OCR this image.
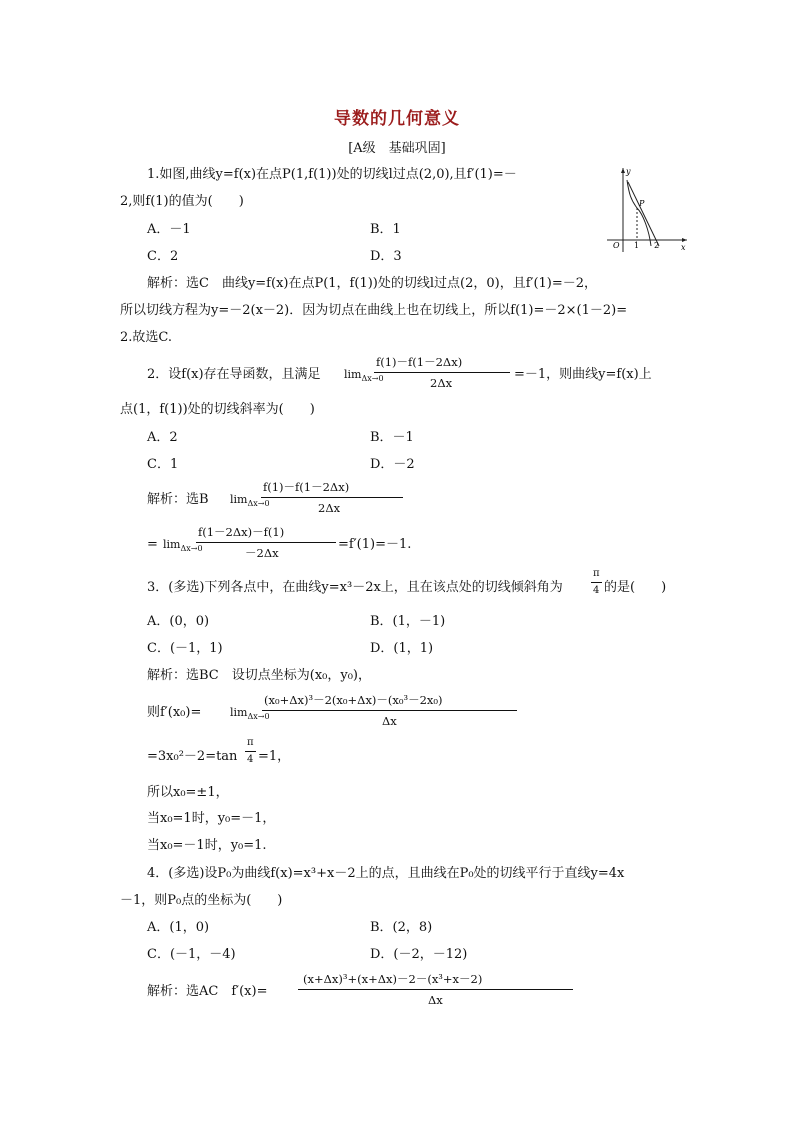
导数的几何意义
[A级　基础巩固]
y
P
O 1 2	x
1.如图,曲线y=f(x)在点P(1,f(1))处的切线l过点(2,0),且f′(1)=－
2,则f(1)的值为(　　)
A．－1	B．1
C．2	D．3
解析：选C　曲线y=f(x)在点P(1，f(1))处的切线l过点(2，0)，且f′(1)=－2，
所以切线方程为y=－2(x－2)．因为切点在曲线上也在切线上，所以f(1)=－2×(1－2)=
2.故选C.
2．设f(x)存在导函数，且满足 $\lim_{\Delta x\to 0}$
f(1)－f(1－2Δx)
2Δx
=－1，则曲线y=f(x)上
点(1，f(1))处的切线斜率为(　　)
A．2	B．－1
C．1	D．－2
解析：选B $\lim_{\Delta x\to 0}$
f(1)－f(1－2Δx)
2Δx
= $\lim_{\Delta x\to 0}$
f(1－2Δx)－f(1)
－2Δx
=f′(1)=－1.
3．(多选)下列各点中，在曲线y=x³－2x上，且在该点处的切线倾斜角为
π
4 的是(　　)
A．(0，0)	B．(1，－1)
C．(－1，1)	D．(1，1)
解析：选BC　设切点坐标为(x₀，y₀)，
则f′(x₀)=	$\lim_{\Delta x\to 0}$
(x₀+Δx)³－2(x₀+Δx)－(x₀³－2x₀)
Δx
=3x₀²－2=tan
π
4 =1，
所以x₀=±1，
当x₀=1时，y₀=－1，
当x₀=－1时，y₀=1.
4．(多选)设P₀为曲线f(x)=x³+x－2上的点，且曲线在P₀处的切线平行于直线y=4x
－1，则P₀点的坐标为(　　)
A．(1，0)	B．(2，8)
C．(－1，－4)	D．(－2，－12)
解析：选AC　f′(x)=
(x+Δx)³+(x+Δx)－2－(x³+x－2)
Δx
